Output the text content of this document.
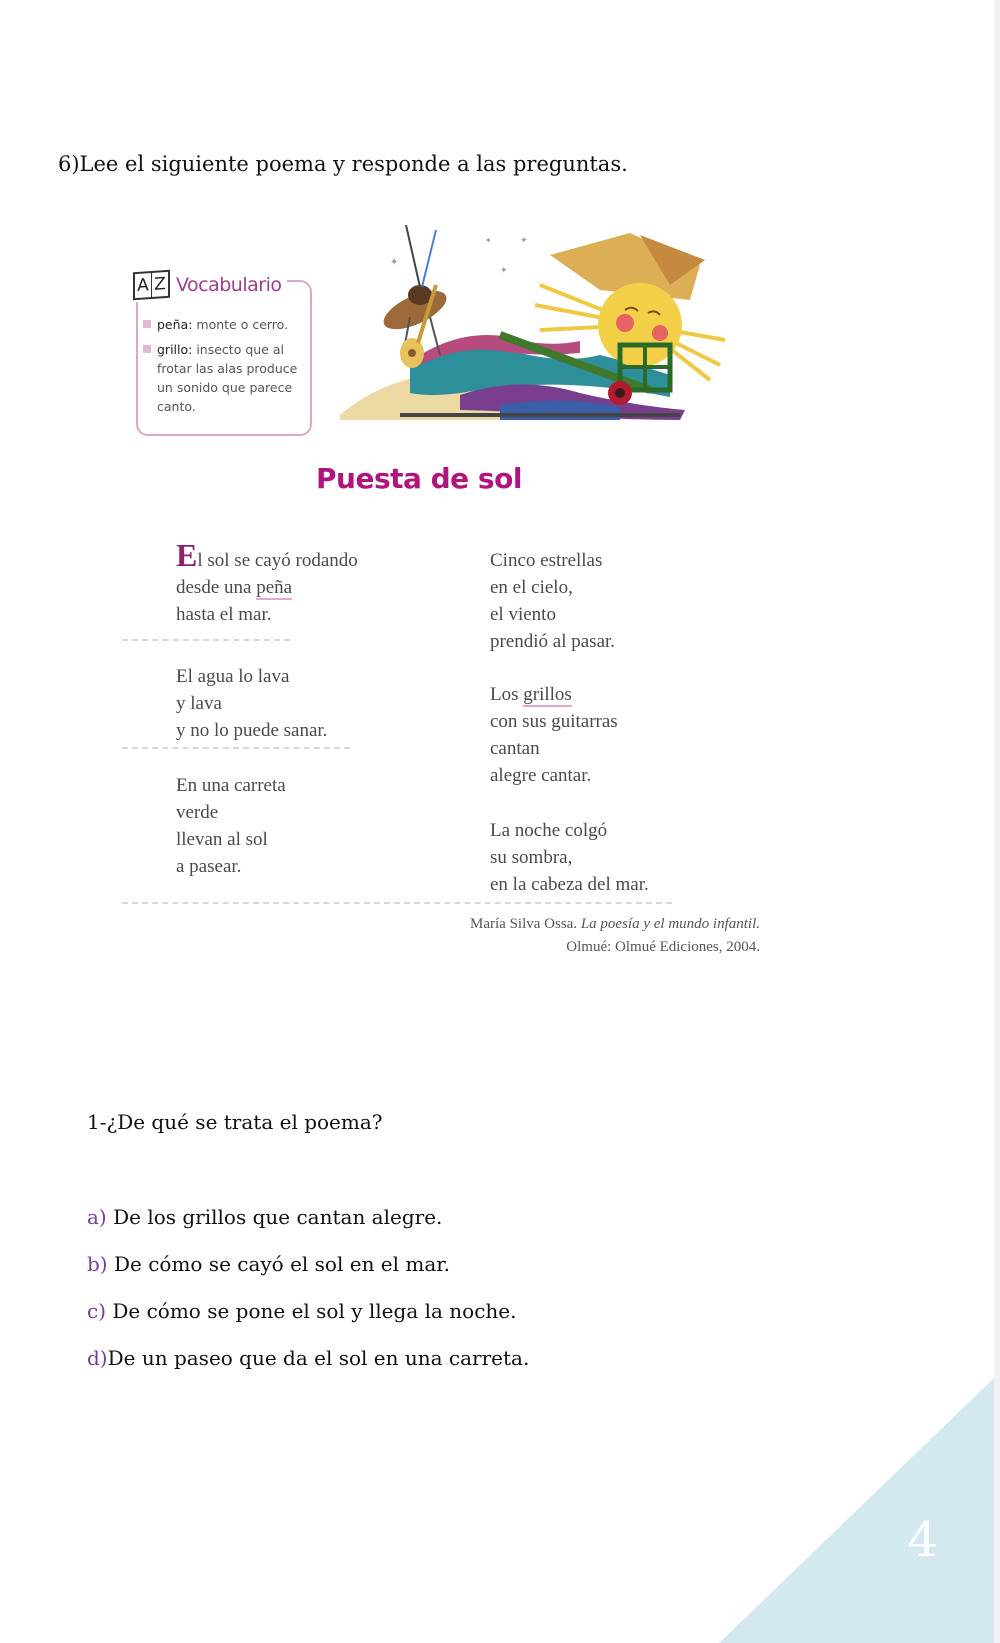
6)Lee el siguiente poema y responde a las preguntas.
A Z Vocabulario
peña: monte o cerro.
grillo: insecto que al frotar las alas produce un sonido que parece canto.
✦
✦	✦
✦
Puesta de sol
El sol se cayó rodando
desde una peña
hasta el mar.
El agua lo lava
y lava
y no lo puede sanar.
En una carreta
verde
llevan al sol
a pasear.
Cinco estrellas
en el cielo,
el viento
prendió al pasar.
Los grillos
con sus guitarras
cantan
alegre cantar.
La noche colgó
su sombra,
en la cabeza del mar.
María Silva Ossa. La poesía y el mundo infantil.
Olmué: Olmué Ediciones, 2004.
1-¿De qué se trata el poema?
a) De los grillos que cantan alegre.
b) De cómo se cayó el sol en el mar.
c) De cómo se pone el sol y llega la noche.
d)De un paseo que da el sol en una carreta.
4
